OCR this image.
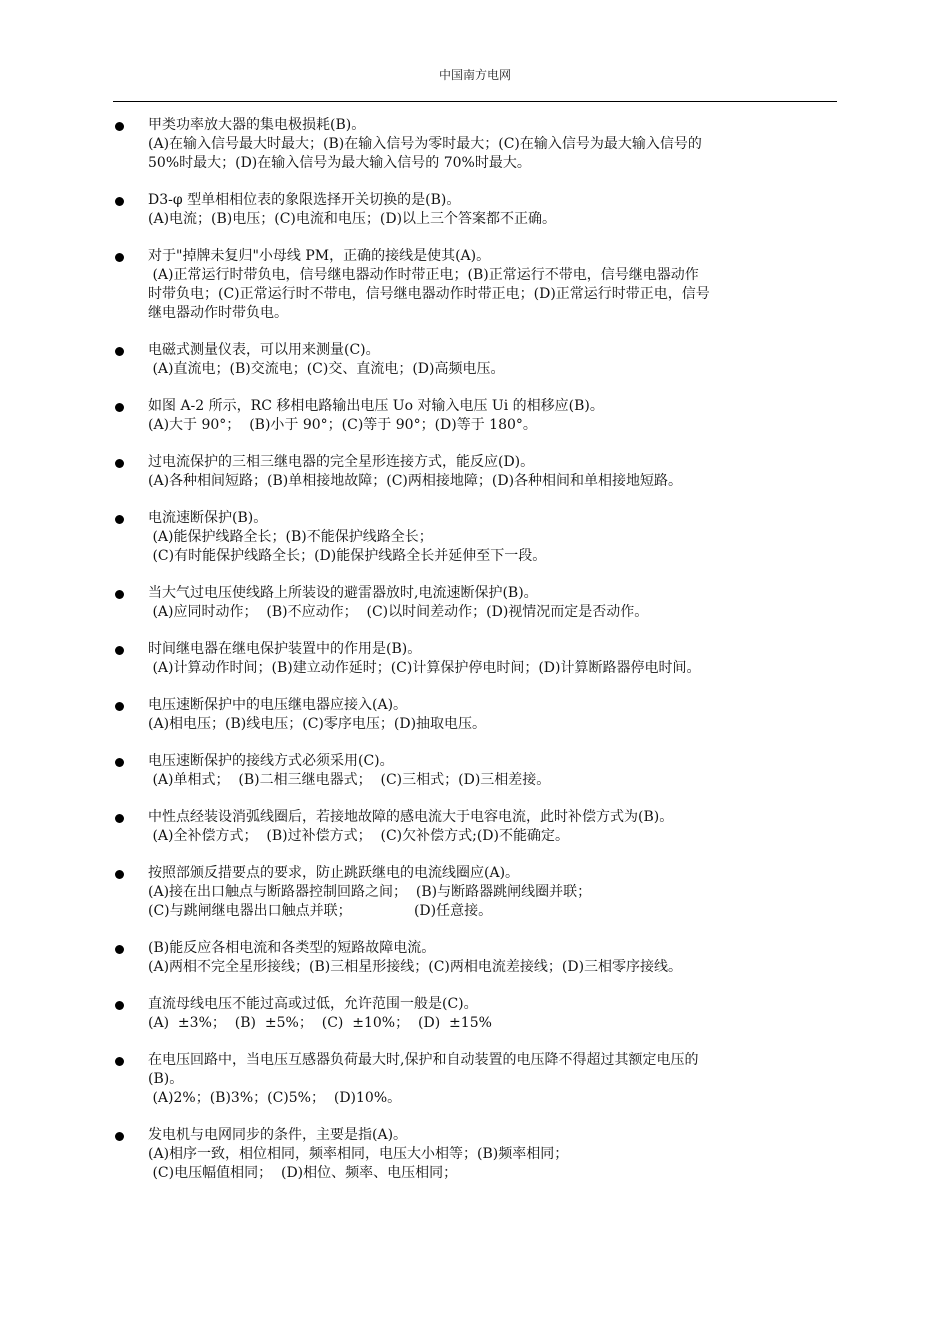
中国南方电网
甲类功率放大器的集电极损耗(B)。
(A)在输入信号最大时最大；(B)在输入信号为零时最大；(C)在输入信号为最大输入信号的
50%时最大；(D)在输入信号为最大输入信号的 70%时最大。
D3-φ 型单相相位表的象限选择开关切换的是(B)。
(A)电流；(B)电压；(C)电流和电压；(D)以上三个答案都不正确。
对于"掉牌未复归"小母线 PM，正确的接线是使其(A)。
(A)正常运行时带负电，信号继电器动作时带正电；(B)正常运行不带电，信号继电器动作
时带负电；(C)正常运行时不带电，信号继电器动作时带正电；(D)正常运行时带正电，信号
继电器动作时带负电。
电磁式测量仪表，可以用来测量(C)。
(A)直流电；(B)交流电；(C)交、直流电；(D)高频电压。
如图 A-2 所示，RC 移相电路输出电压 Uo 对输入电压 Ui 的相移应(B)。
(A)大于 90°；  (B)小于 90°；(C)等于 90°；(D)等于 180°。
过电流保护的三相三继电器的完全星形连接方式，能反应(D)。
(A)各种相间短路；(B)单相接地故障；(C)两相接地障；(D)各种相间和单相接地短路。
电流速断保护(B)。
(A)能保护线路全长；(B)不能保护线路全长；
(C)有时能保护线路全长；(D)能保护线路全长并延伸至下一段。
当大气过电压使线路上所装设的避雷器放时,电流速断保护(B)。
(A)应同时动作；  (B)不应动作；  (C)以时间差动作；(D)视情况而定是否动作。
时间继电器在继电保护装置中的作用是(B)。
(A)计算动作时间；(B)建立动作延时；(C)计算保护停电时间；(D)计算断路器停电时间。
电压速断保护中的电压继电器应接入(A)。
(A)相电压；(B)线电压；(C)零序电压；(D)抽取电压。
电压速断保护的接线方式必须采用(C)。
(A)单相式；  (B)二相三继电器式；  (C)三相式；(D)三相差接。
中性点经装设消弧线圈后，若接地故障的感电流大于电容电流，此时补偿方式为(B)。
(A)全补偿方式；  (B)过补偿方式；  (C)欠补偿方式;(D)不能确定。
按照部颁反措要点的要求，防止跳跃继电的电流线圈应(A)。
(A)接在出口触点与断路器控制回路之间；  (B)与断路器跳闸线圈并联；
(C)与跳闸继电器出口触点并联；              (D)任意接。
(B)能反应各相电流和各类型的短路故障电流。
(A)两相不完全星形接线；(B)三相星形接线；(C)两相电流差接线；(D)三相零序接线。
直流母线电压不能过高或过低，允许范围一般是(C)。
(A)  ±3%；  (B)  ±5%；  (C)  ±10%；  (D)  ±15%
在电压回路中，当电压互感器负荷最大时,保护和自动装置的电压降不得超过其额定电压的
(B)。
(A)2%；(B)3%；(C)5%；  (D)10%。
发电机与电网同步的条件，主要是指(A)。
(A)相序一致，相位相同，频率相同，电压大小相等；(B)频率相同；
(C)电压幅值相同；  (D)相位、频率、电压相同；
